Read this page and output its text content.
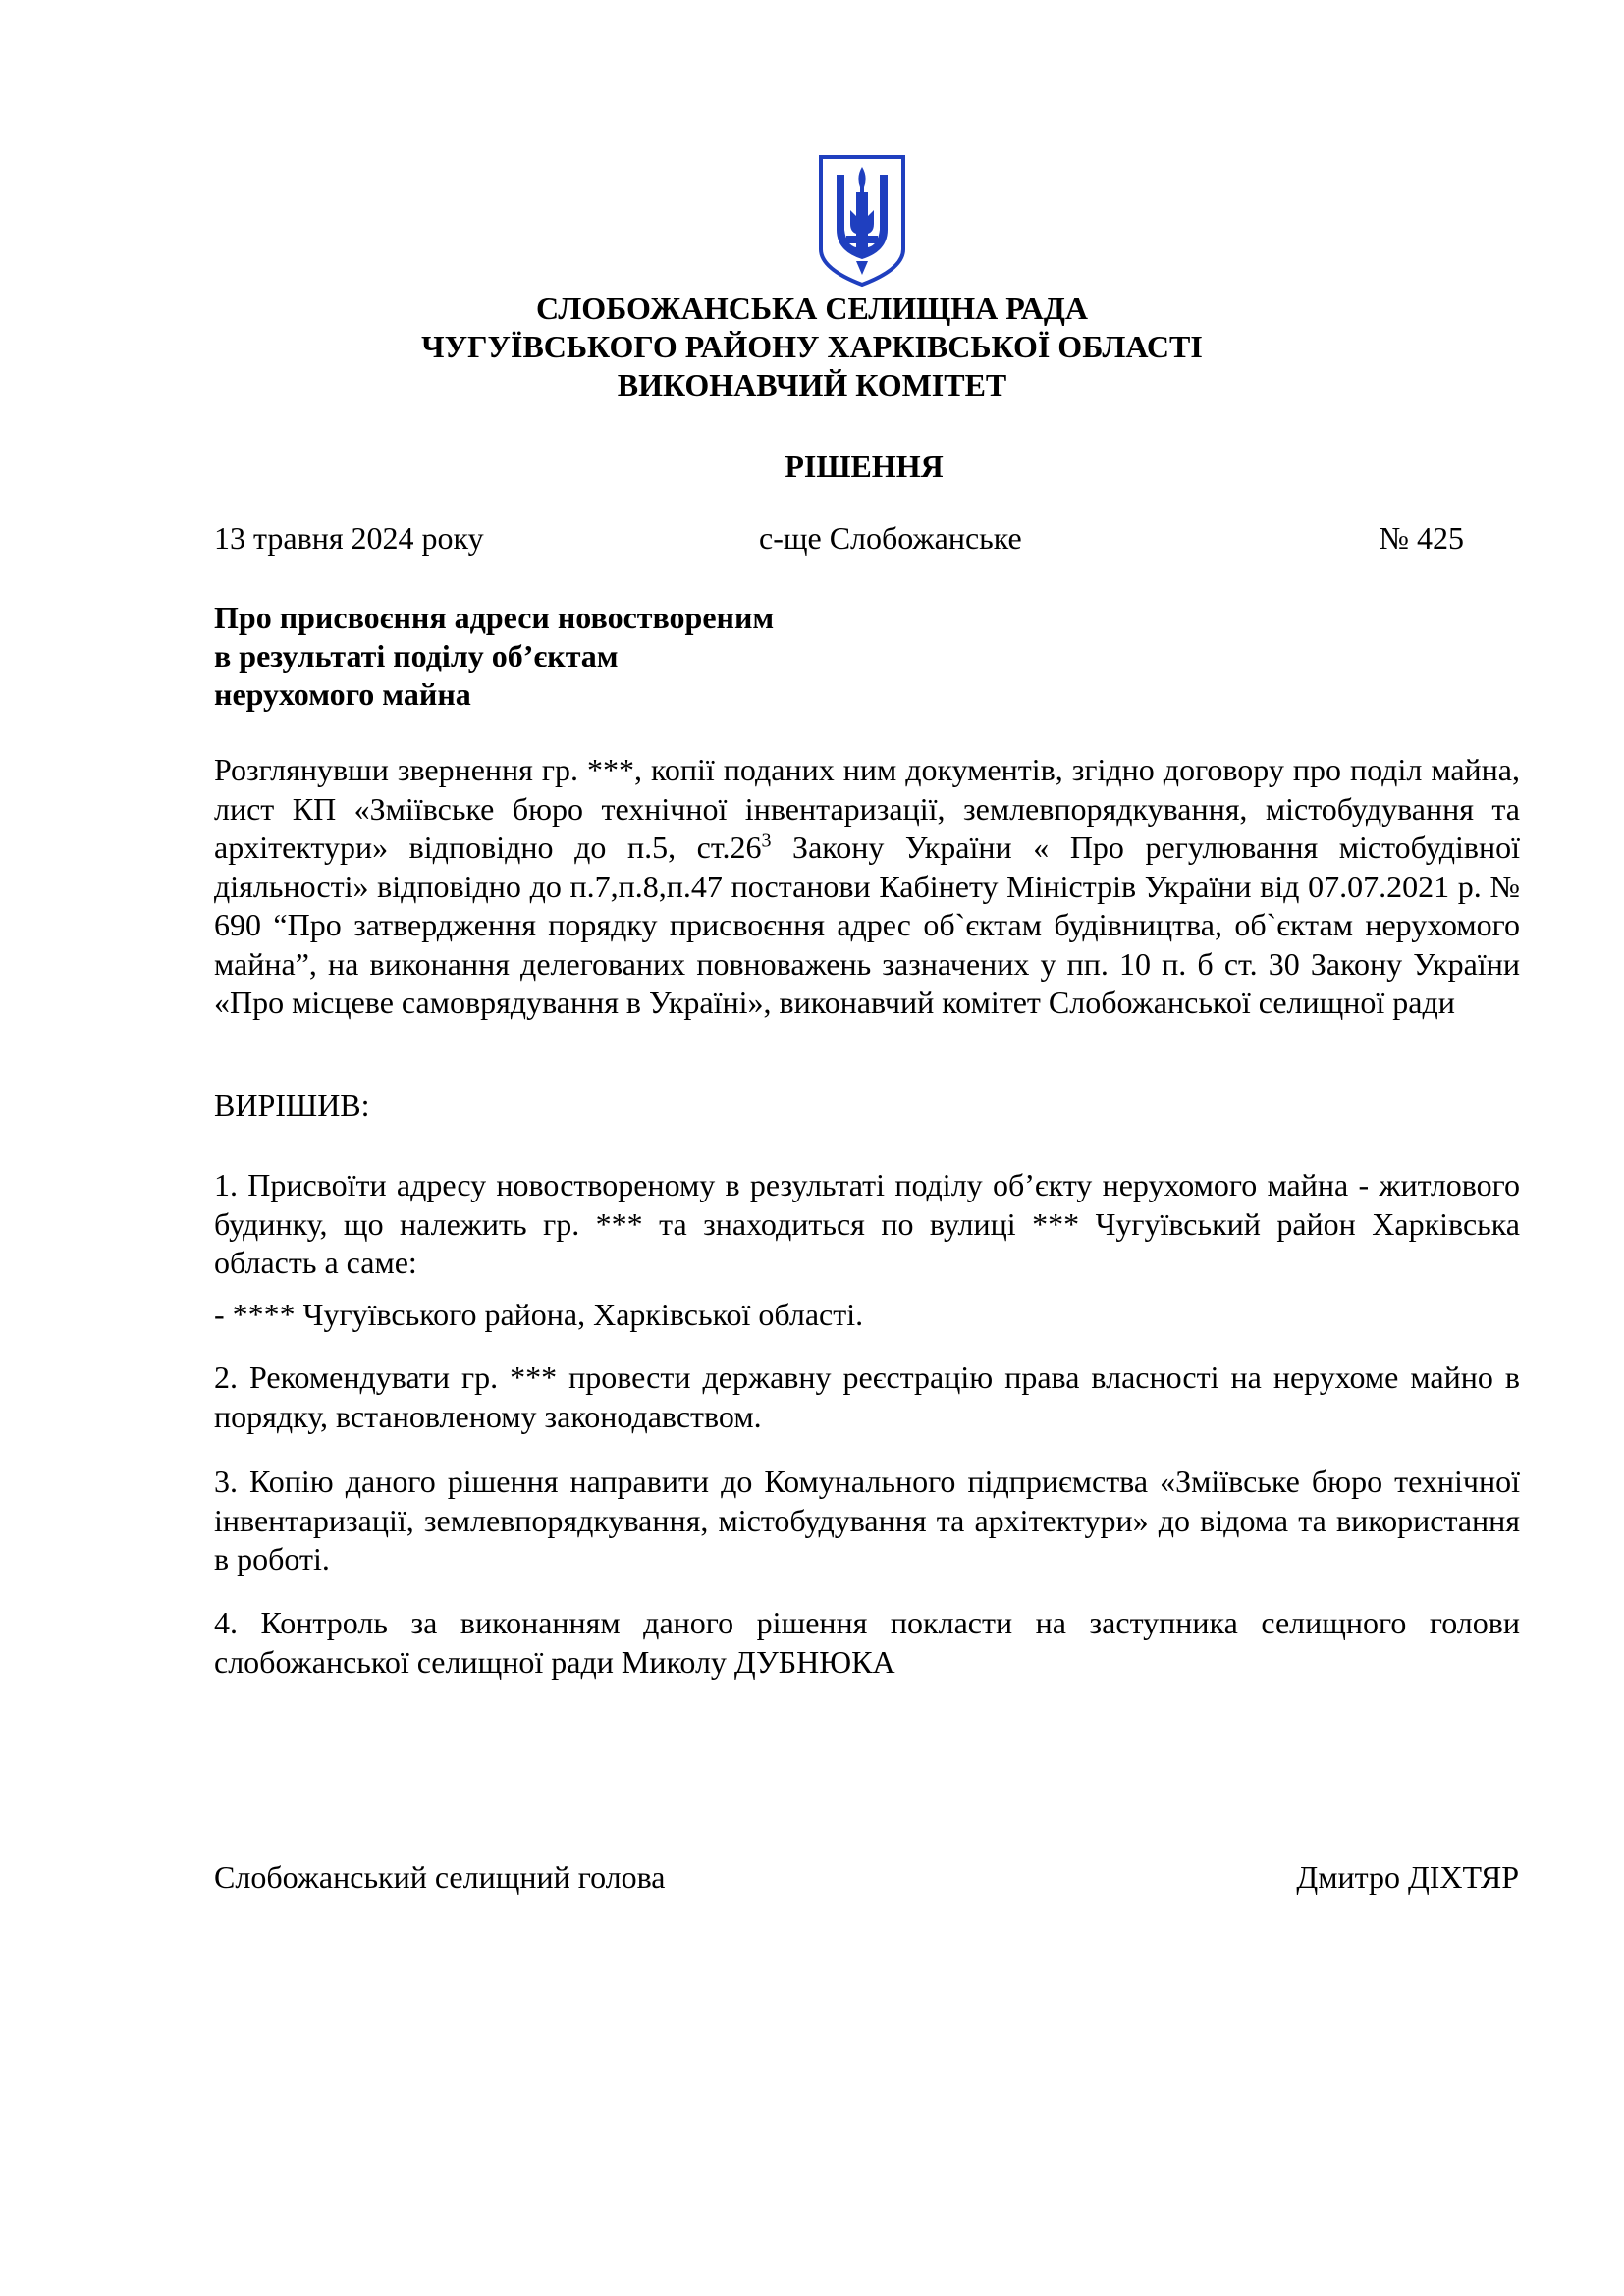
СЛОБОЖАНСЬКА СЕЛИЩНА РАДА
ЧУГУЇВСЬКОГО РАЙОНУ ХАРКІВСЬКОЇ ОБЛАСТІ
ВИКОНАВЧИЙ КОМІТЕТ
РІШЕННЯ
13 травня 2024 року	с-ще Слобожанське	№ 425
Про присвоєння адреси новоствореним
в результаті поділу об’єктам
нерухомого майна
Розглянувши звернення гр. ***, копії поданих ним документів, згідно договору про поділ майна, лист КП «Зміївське бюро технічної інвентаризації, землевпорядкування, містобудування та архітектури» відповідно до п.5, $ст.26^3$ Закону України « Про регулювання містобудівної діяльності» відповідно до п.7,п.8,п.47 постанови Кабінету Міністрів України від 07.07.2021 р. № 690 “Про затвердження порядку присвоєння адрес об`єктам будівництва, об`єктам нерухомого майна”, на виконання делегованих повноважень зазначених у пп. 10 п. б ст. 30 Закону України «Про місцеве самоврядування в Україні», виконавчий комітет Слобожанської селищної ради
ВИРІШИВ:
1. Присвоїти адресу новоствореному в результаті поділу об’єкту нерухомого майна - житлового будинку, що належить гр. *** та знаходиться по вулиці *** Чугуївський район Харківська область а саме:
- **** Чугуївського района, Харківської області.
2. Рекомендувати гр. *** провести державну реєстрацію права власності на нерухоме майно в порядку, встановленому законодавством.
3. Копію даного рішення направити до Комунального підприємства «Зміївське бюро технічної інвентаризації, землевпорядкування, містобудування та архітектури» до відома та використання в роботі.
4. Контроль за виконанням даного рішення покласти на заступника селищного голови слобожанської селищної ради Миколу ДУБНЮКА
Слобожанський селищний голова	Дмитро ДІХТЯР
